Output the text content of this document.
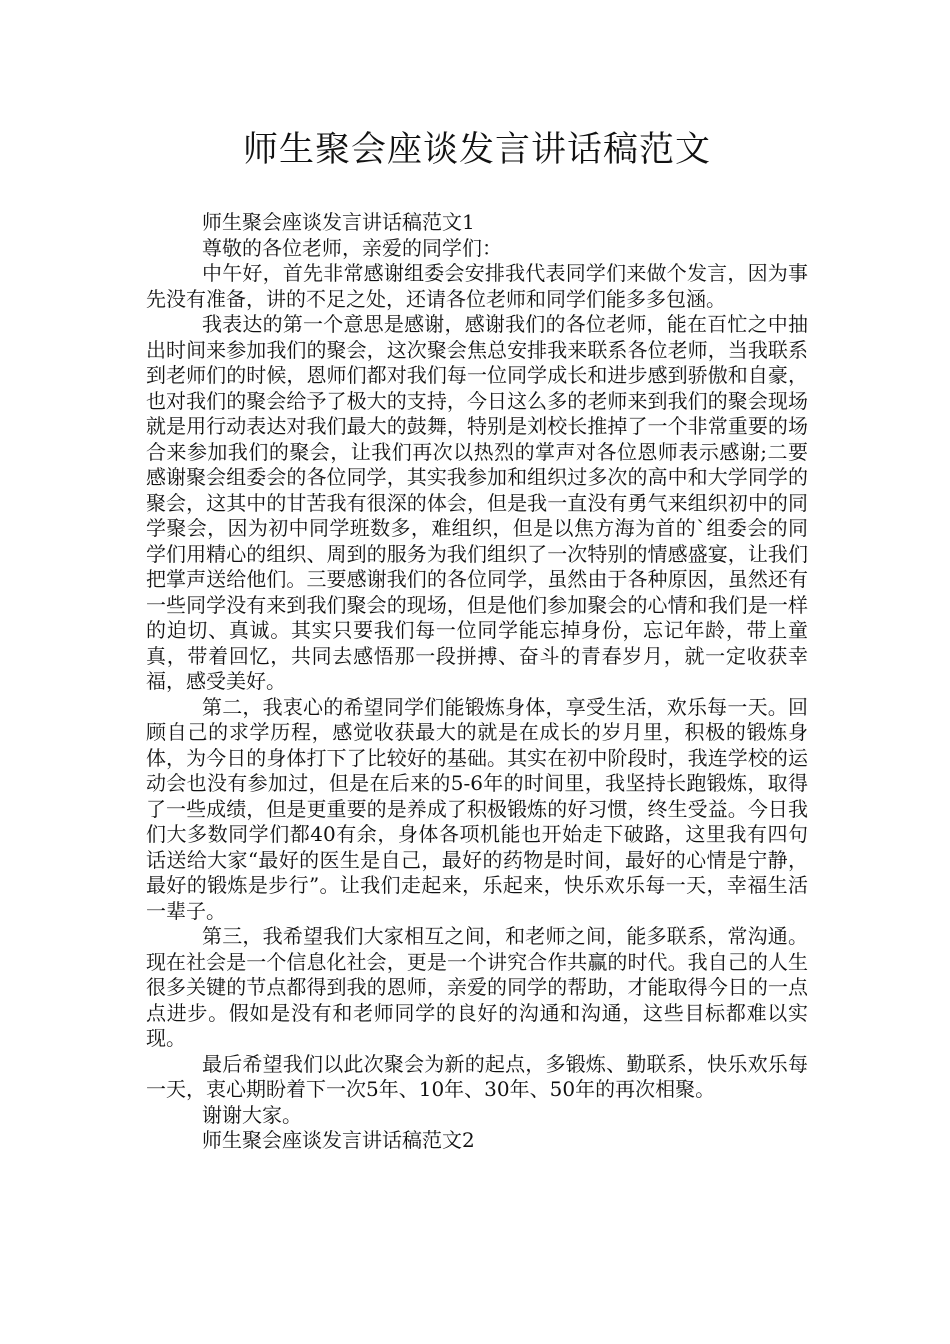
师生聚会座谈发言讲话稿范文

师生聚会座谈发言讲话稿范文1

尊敬的各位老师，亲爱的同学们：

中午好，首先非常感谢组委会安排我代表同学们来做个发言，因为事先没有准备，讲的不足之处，还请各位老师和同学们能多多包涵。

我表达的第一个意思是感谢，感谢我们的各位老师，能在百忙之中抽出时间来参加我们的聚会，这次聚会焦总安排我来联系各位老师，当我联系到老师们的时候，恩师们都对我们每一位同学成长和进步感到骄傲和自豪，也对我们的聚会给予了极大的支持，今日这么多的老师来到我们的聚会现场就是用行动表达对我们最大的鼓舞，特别是刘校长推掉了一个非常重要的场合来参加我们的聚会，让我们再次以热烈的掌声对各位恩师表示感谢;二要感谢聚会组委会的各位同学，其实我参加和组织过多次的高中和大学同学的聚会，这其中的甘苦我有很深的体会，但是我一直没有勇气来组织初中的同学聚会，因为初中同学班数多，难组织，但是以焦方海为首的`组委会的同学们用精心的组织、周到的服务为我们组织了一次特别的情感盛宴，让我们把掌声送给他们。三要感谢我们的各位同学，虽然由于各种原因，虽然还有一些同学没有来到我们聚会的现场，但是他们参加聚会的心情和我们是一样的迫切、真诚。其实只要我们每一位同学能忘掉身份，忘记年龄，带上童真，带着回忆，共同去感悟那一段拼搏、奋斗的青春岁月，就一定收获幸福，感受美好。

第二，我衷心的希望同学们能锻炼身体，享受生活，欢乐每一天。回顾自己的求学历程，感觉收获最大的就是在成长的岁月里，积极的锻炼身体，为今日的身体打下了比较好的基础。其实在初中阶段时，我连学校的运动会也没有参加过，但是在后来的5-6年的时间里，我坚持长跑锻炼，取得了一些成绩，但是更重要的是养成了积极锻炼的好习惯，终生受益。今日我们大多数同学们都40有余，身体各项机能也开始走下破路，这里我有四句话送给大家“最好的医生是自己，最好的药物是时间，最好的心情是宁静，最好的锻炼是步行”。让我们走起来，乐起来，快乐欢乐每一天，幸福生活一辈子。

第三，我希望我们大家相互之间，和老师之间，能多联系，常沟通。现在社会是一个信息化社会，更是一个讲究合作共赢的时代。我自己的人生很多关键的节点都得到我的恩师，亲爱的同学的帮助，才能取得今日的一点点进步。假如是没有和老师同学的良好的沟通和沟通，这些目标都难以实现。

最后希望我们以此次聚会为新的起点，多锻炼、勤联系，快乐欢乐每一天，衷心期盼着下一次5年、10年、30年、50年的再次相聚。

谢谢大家。

师生聚会座谈发言讲话稿范文2
